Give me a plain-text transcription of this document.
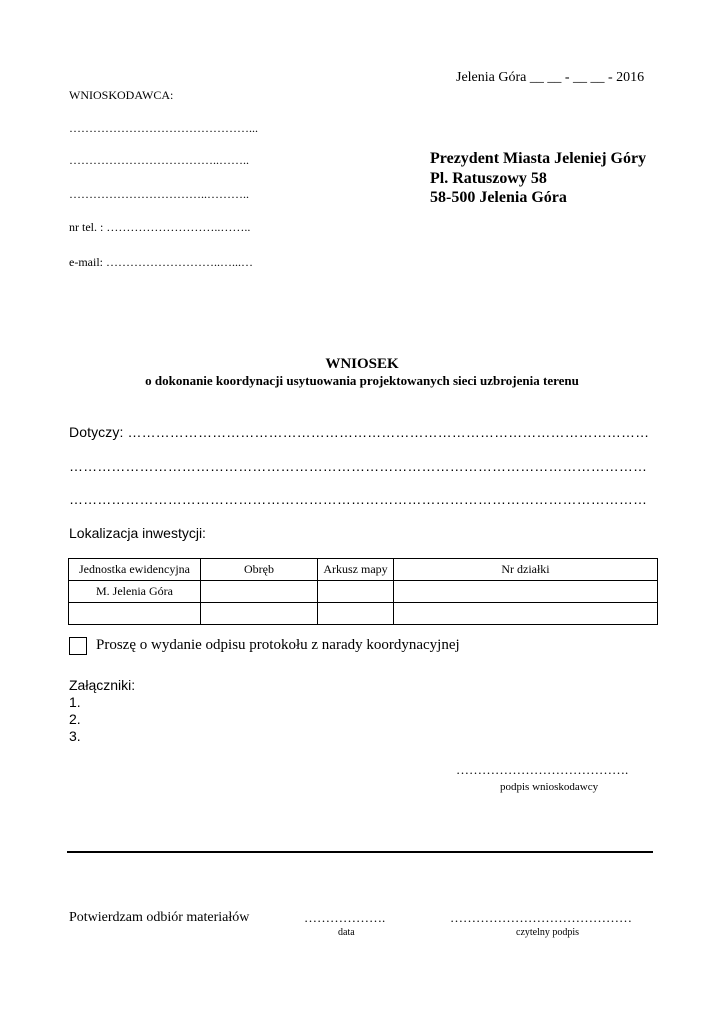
Jelenia Góra __ __ - __ __ - 2016
WNIOSKODAWCA:
………………………………………...
………………………………..……..
……………………………..………..
nr tel. : ………………………..……..
e-mail: ………………………..…...…
Prezydent Miasta Jeleniej Góry
Pl. Ratuszowy 58
58-500 Jelenia Góra
WNIOSEK
o dokonanie koordynacji usytuowania projektowanych sieci uzbrojenia terenu
Dotyczy: …………………………………………………………………………………………………
……………………………………………………………………………………………………………
……………………………………………………………………………………………………………
Lokalizacja inwestycji:
Jednostka ewidencyjna	Obręb	Arkusz mapy	Nr działki
M. Jelenia Góra			

Proszę o wydanie odpisu protokołu z narady koordynacyjnej
Załączniki:
1.
2.
3.
………………………………….
podpis wnioskodawcy
Potwierdzam odbiór materiałów	……………….
data
……………………………………
czytelny podpis
